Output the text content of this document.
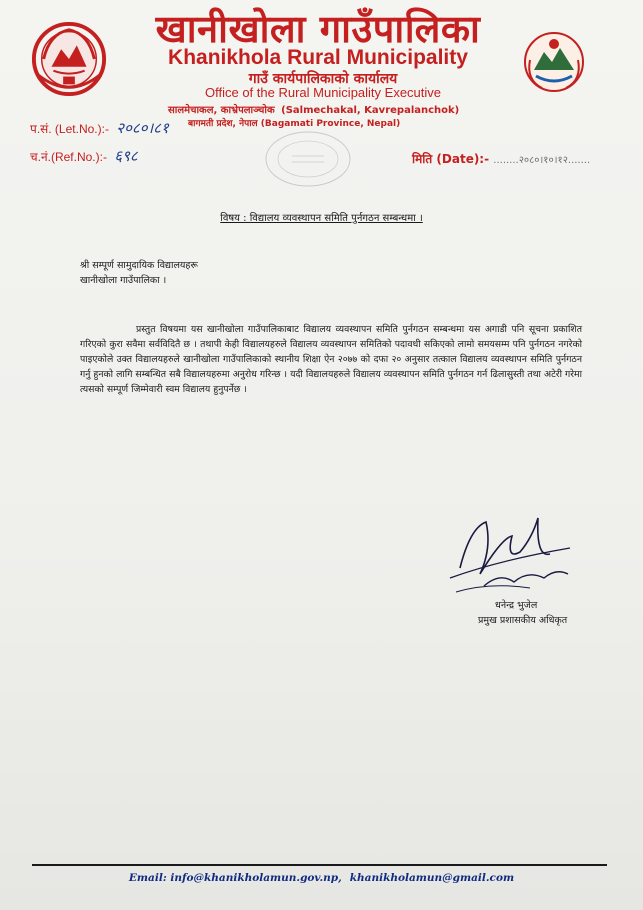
खानीखोला गाउँपालिका
Khanikhola Rural Municipality
गाउँ कार्यपालिकाको कार्यालय
Office of the Rural Municipality Executive
सालमेचाकल, काभ्रेपलाञ्चोक (Salmechakal, Kavrepalanchok)
बागमती प्रदेश, नेपाल (Bagamati Province, Nepal)
प.सं. (Let.No.):- २०८०।८१
च.नं.(Ref.No.):- ६९८	मिति (Date):- ........२०८०।१०।१२.......
विषय : विद्यालय व्यवस्थापन समिति पुर्नगठन सम्बन्धमा ।
श्री सम्पूर्ण सामुदायिक विद्यालयहरू
खानीखोला गाउँपालिका ।
प्रस्तुत विषयमा यस खानीखोला गाउँपालिकाबाट विद्यालय व्यवस्थापन समिति पुर्नगठन सम्बन्धमा यस अगाडी पनि सूचना प्रकाशित गरिएको कुरा सवैमा सर्वविदितै छ । तथापी केही विद्यालयहरुले विद्यालय व्यवस्थापन समितिको पदावधी सकिएको लामो समयसम्म पनि पुर्नगठन नगरेको पाइएकोले उक्त विद्यालयहरुले खानीखोला गाउँपालिकाको स्थानीय शिक्षा ऐन २०७७ को दफा २० अनुसार तत्काल विद्यालय व्यवस्थापन समिति पुर्नगठन गर्नु हुनको लागि सम्बन्धित सबै विद्यालयहरुमा अनुरोध गरिन्छ । यदी विद्यालयहरुले विद्यालय व्यवस्थापन समिति पुर्नगठन गर्न ढिलासुस्ती तथा अटेरी गरेमा त्यसको सम्पूर्ण जिम्मेवारी स्वम विद्यालय हुनुपर्नेछ ।
धनेन्द्र भुजेल
प्रमुख प्रशासकीय अधिकृत
Email: info@khanikholamun.gov.np, khanikholamun@gmail.com
